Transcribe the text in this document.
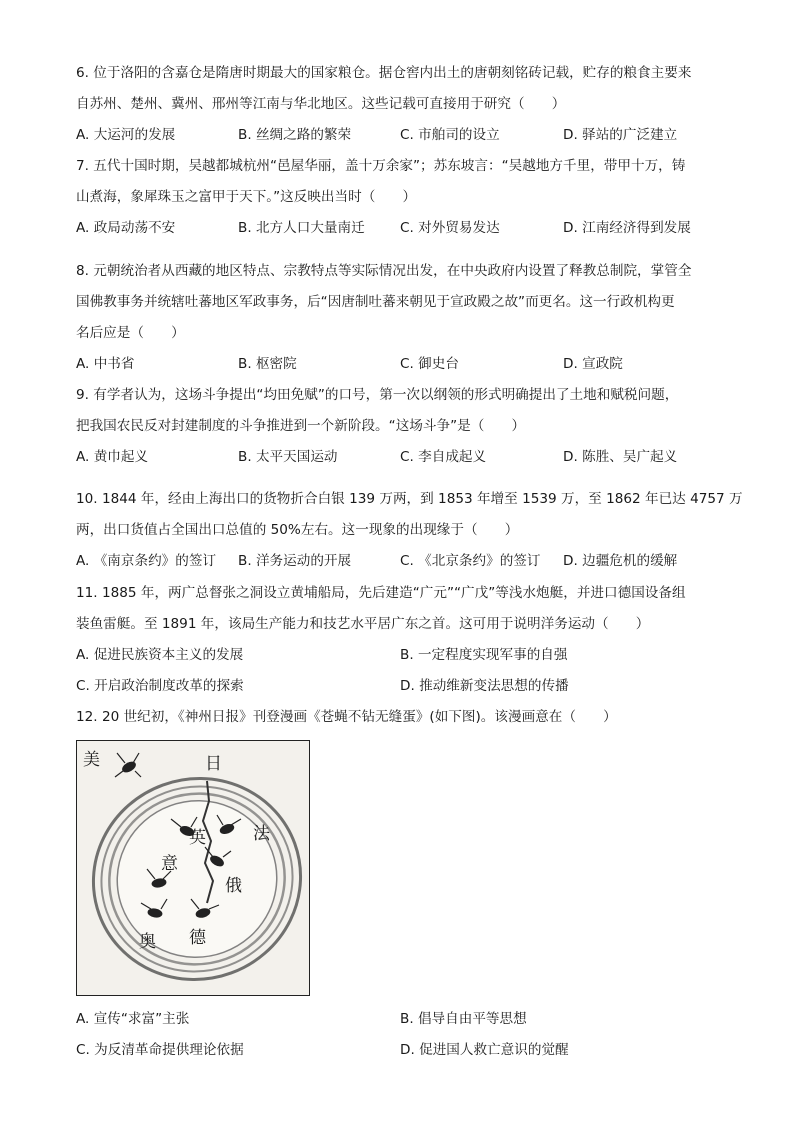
6. 位于洛阳的含嘉仓是隋唐时期最大的国家粮仓。据仓窖内出土的唐朝刻铭砖记载，贮存的粮食主要来
自苏州、楚州、冀州、邢州等江南与华北地区。这些记载可直接用于研究（　　）
A. 大运河的发展	B. 丝绸之路的繁荣	C. 市舶司的设立	D. 驿站的广泛建立
7. 五代十国时期，吴越都城杭州“邑屋华丽，盖十万余家”；苏东坡言：“吴越地方千里，带甲十万，铸
山煮海，象犀珠玉之富甲于天下。”这反映出当时（　　）
A. 政局动荡不安	B. 北方人口大量南迁	C. 对外贸易发达	D. 江南经济得到发展
8. 元朝统治者从西藏的地区特点、宗教特点等实际情况出发，在中央政府内设置了释教总制院，掌管全
国佛教事务并统辖吐蕃地区军政事务，后“因唐制吐蕃来朝见于宣政殿之故”而更名。这一行政机构更
名后应是（　　）
A. 中书省	B. 枢密院	C. 御史台	D. 宣政院
9. 有学者认为，这场斗争提出“均田免赋”的口号，第一次以纲领的形式明确提出了土地和赋税问题，
把我国农民反对封建制度的斗争推进到一个新阶段。“这场斗争”是（　　）
A. 黄巾起义	B. 太平天国运动	C. 李自成起义	D. 陈胜、吴广起义
10. 1844 年，经由上海出口的货物折合白银 139 万两，到 1853 年增至 1539 万，至 1862 年已达 4757 万
两，出口货值占全国出口总值的 50%左右。这一现象的出现缘于（　　）
A. 《南京条约》的签订 B. 洋务运动的开展	C. 《北京条约》的签订 D. 边疆危机的缓解
11. 1885 年，两广总督张之洞设立黄埔船局，先后建造“广元”“广戊”等浅水炮艇，并进口德国设备组
装鱼雷艇。至 1891 年，该局生产能力和技艺水平居广东之首。这可用于说明洋务运动（　　）
A. 促进民族资本主义的发展	B. 一定程度实现军事的自强
C. 开启政治制度改革的探索	D. 推动维新变法思想的传播
12. 20 世纪初，《神州日报》刊登漫画《苍蝇不钻无缝蛋》(如下图)。该漫画意在（　　）
美	日
英	法
意
俄
奥 德
A. 宣传“求富”主张	B. 倡导自由平等思想
C. 为反清革命提供理论依据	D. 促进国人救亡意识的觉醒
